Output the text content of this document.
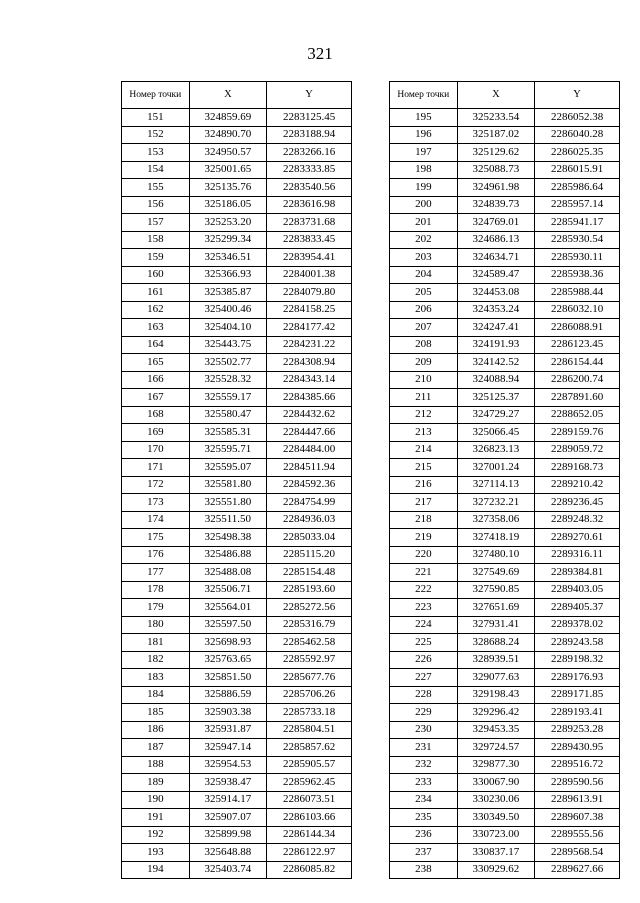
321
Номер точки	X	Y
151	324859.69	2283125.45
152	324890.70	2283188.94
153	324950.57	2283266.16
154	325001.65	2283333.85
155	325135.76	2283540.56
156	325186.05	2283616.98
157	325253.20	2283731.68
158	325299.34	2283833.45
159	325346.51	2283954.41
160	325366.93	2284001.38
161	325385.87	2284079.80
162	325400.46	2284158.25
163	325404.10	2284177.42
164	325443.75	2284231.22
165	325502.77	2284308.94
166	325528.32	2284343.14
167	325559.17	2284385.66
168	325580.47	2284432.62
169	325585.31	2284447.66
170	325595.71	2284484.00
171	325595.07	2284511.94
172	325581.80	2284592.36
173	325551.80	2284754.99
174	325511.50	2284936.03
175	325498.38	2285033.04
176	325486.88	2285115.20
177	325488.08	2285154.48
178	325506.71	2285193.60
179	325564.01	2285272.56
180	325597.50	2285316.79
181	325698.93	2285462.58
182	325763.65	2285592.97
183	325851.50	2285677.76
184	325886.59	2285706.26
185	325903.38	2285733.18
186	325931.87	2285804.51
187	325947.14	2285857.62
188	325954.53	2285905.57
189	325938.47	2285962.45
190	325914.17	2286073.51
191	325907.07	2286103.66
192	325899.98	2286144.34
193	325648.88	2286122.97
194	325403.74	2286085.82
Номер точки	X	Y
195	325233.54	2286052.38
196	325187.02	2286040.28
197	325129.62	2286025.35
198	325088.73	2286015.91
199	324961.98	2285986.64
200	324839.73	2285957.14
201	324769.01	2285941.17
202	324686.13	2285930.54
203	324634.71	2285930.11
204	324589.47	2285938.36
205	324453.08	2285988.44
206	324353.24	2286032.10
207	324247.41	2286088.91
208	324191.93	2286123.45
209	324142.52	2286154.44
210	324088.94	2286200.74
211	325125.37	2287891.60
212	324729.27	2288652.05
213	325066.45	2289159.76
214	326823.13	2289059.72
215	327001.24	2289168.73
216	327114.13	2289210.42
217	327232.21	2289236.45
218	327358.06	2289248.32
219	327418.19	2289270.61
220	327480.10	2289316.11
221	327549.69	2289384.81
222	327590.85	2289403.05
223	327651.69	2289405.37
224	327931.41	2289378.02
225	328688.24	2289243.58
226	328939.51	2289198.32
227	329077.63	2289176.93
228	329198.43	2289171.85
229	329296.42	2289193.41
230	329453.35	2289253.28
231	329724.57	2289430.95
232	329877.30	2289516.72
233	330067.90	2289590.56
234	330230.06	2289613.91
235	330349.50	2289607.38
236	330723.00	2289555.56
237	330837.17	2289568.54
238	330929.62	2289627.66
